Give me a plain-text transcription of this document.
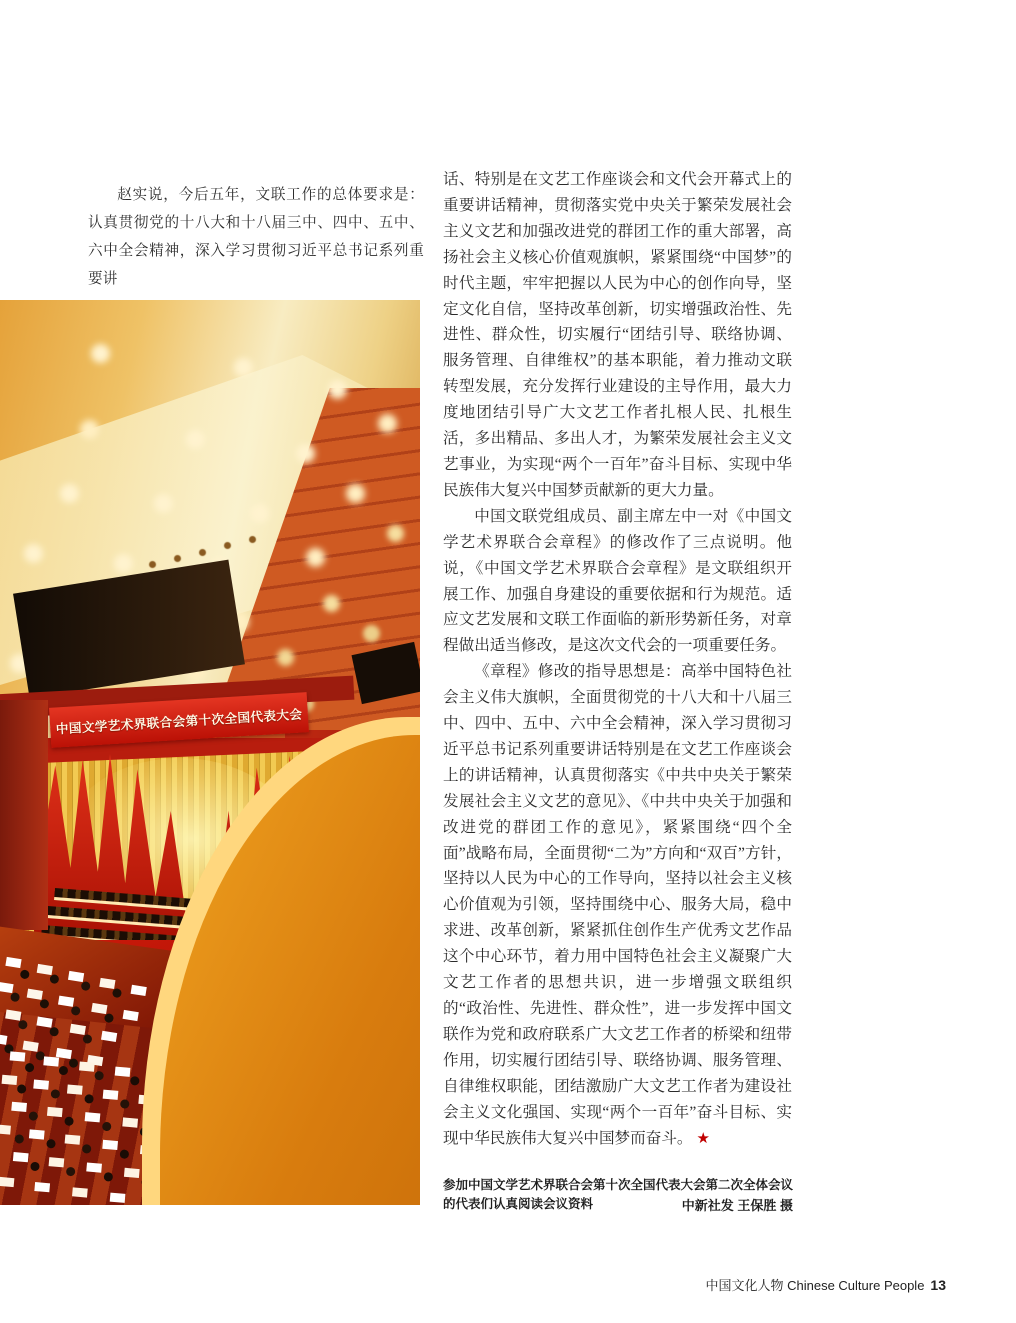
赵实说，今后五年，文联工作的总体要求是：认真贯彻党的十八大和十八届三中、四中、五中、六中全会精神，深入学习贯彻习近平总书记系列重要讲

中国文学艺术界联合会第十次全国代表大会

话、特别是在文艺工作座谈会和文代会开幕式上的重要讲话精神，贯彻落实党中央关于繁荣发展社会主义文艺和加强改进党的群团工作的重大部署，高扬社会主义核心价值观旗帜，紧紧围绕“中国梦”的时代主题，牢牢把握以人民为中心的创作向导，坚定文化自信，坚持改革创新，切实增强政治性、先进性、群众性，切实履行“团结引导、联络协调、服务管理、自律维权”的基本职能，着力推动文联转型发展，充分发挥行业建设的主导作用，最大力度地团结引导广大文艺工作者扎根人民、扎根生活，多出精品、多出人才，为繁荣发展社会主义文艺事业，为实现“两个一百年”奋斗目标、实现中华民族伟大复兴中国梦贡献新的更大力量。

中国文联党组成员、副主席左中一对《中国文学艺术界联合会章程》的修改作了三点说明。他说，《中国文学艺术界联合会章程》是文联组织开展工作、加强自身建设的重要依据和行为规范。适应文艺发展和文联工作面临的新形势新任务，对章程做出适当修改，是这次文代会的一项重要任务。

《章程》修改的指导思想是：高举中国特色社会主义伟大旗帜，全面贯彻党的十八大和十八届三中、四中、五中、六中全会精神，深入学习贯彻习近平总书记系列重要讲话特别是在文艺工作座谈会上的讲话精神，认真贯彻落实《中共中央关于繁荣发展社会主义文艺的意见》、《中共中央关于加强和改进党的群团工作的意见》，紧紧围绕“四个全面”战略布局，全面贯彻“二为”方向和“双百”方针，坚持以人民为中心的工作导向，坚持以社会主义核心价值观为引领，坚持围绕中心、服务大局，稳中求进、改革创新，紧紧抓住创作生产优秀文艺作品这个中心环节，着力用中国特色社会主义凝聚广大文艺工作者的思想共识，进一步增强文联组织的“政治性、先进性、群众性”，进一步发挥中国文联作为党和政府联系广大文艺工作者的桥梁和纽带作用，切实履行团结引导、联络协调、服务管理、自律维权职能，团结激励广大文艺工作者为建设社会主义文化强国、实现“两个一百年”奋斗目标、实现中华民族伟大复兴中国梦而奋斗。 ★

参加中国文学艺术界联合会第十次全国代表大会第二次全体会议的代表们认真阅读会议资料	中新社发 王保胜 摄
中国文化人物 Chinese Culture People 13
